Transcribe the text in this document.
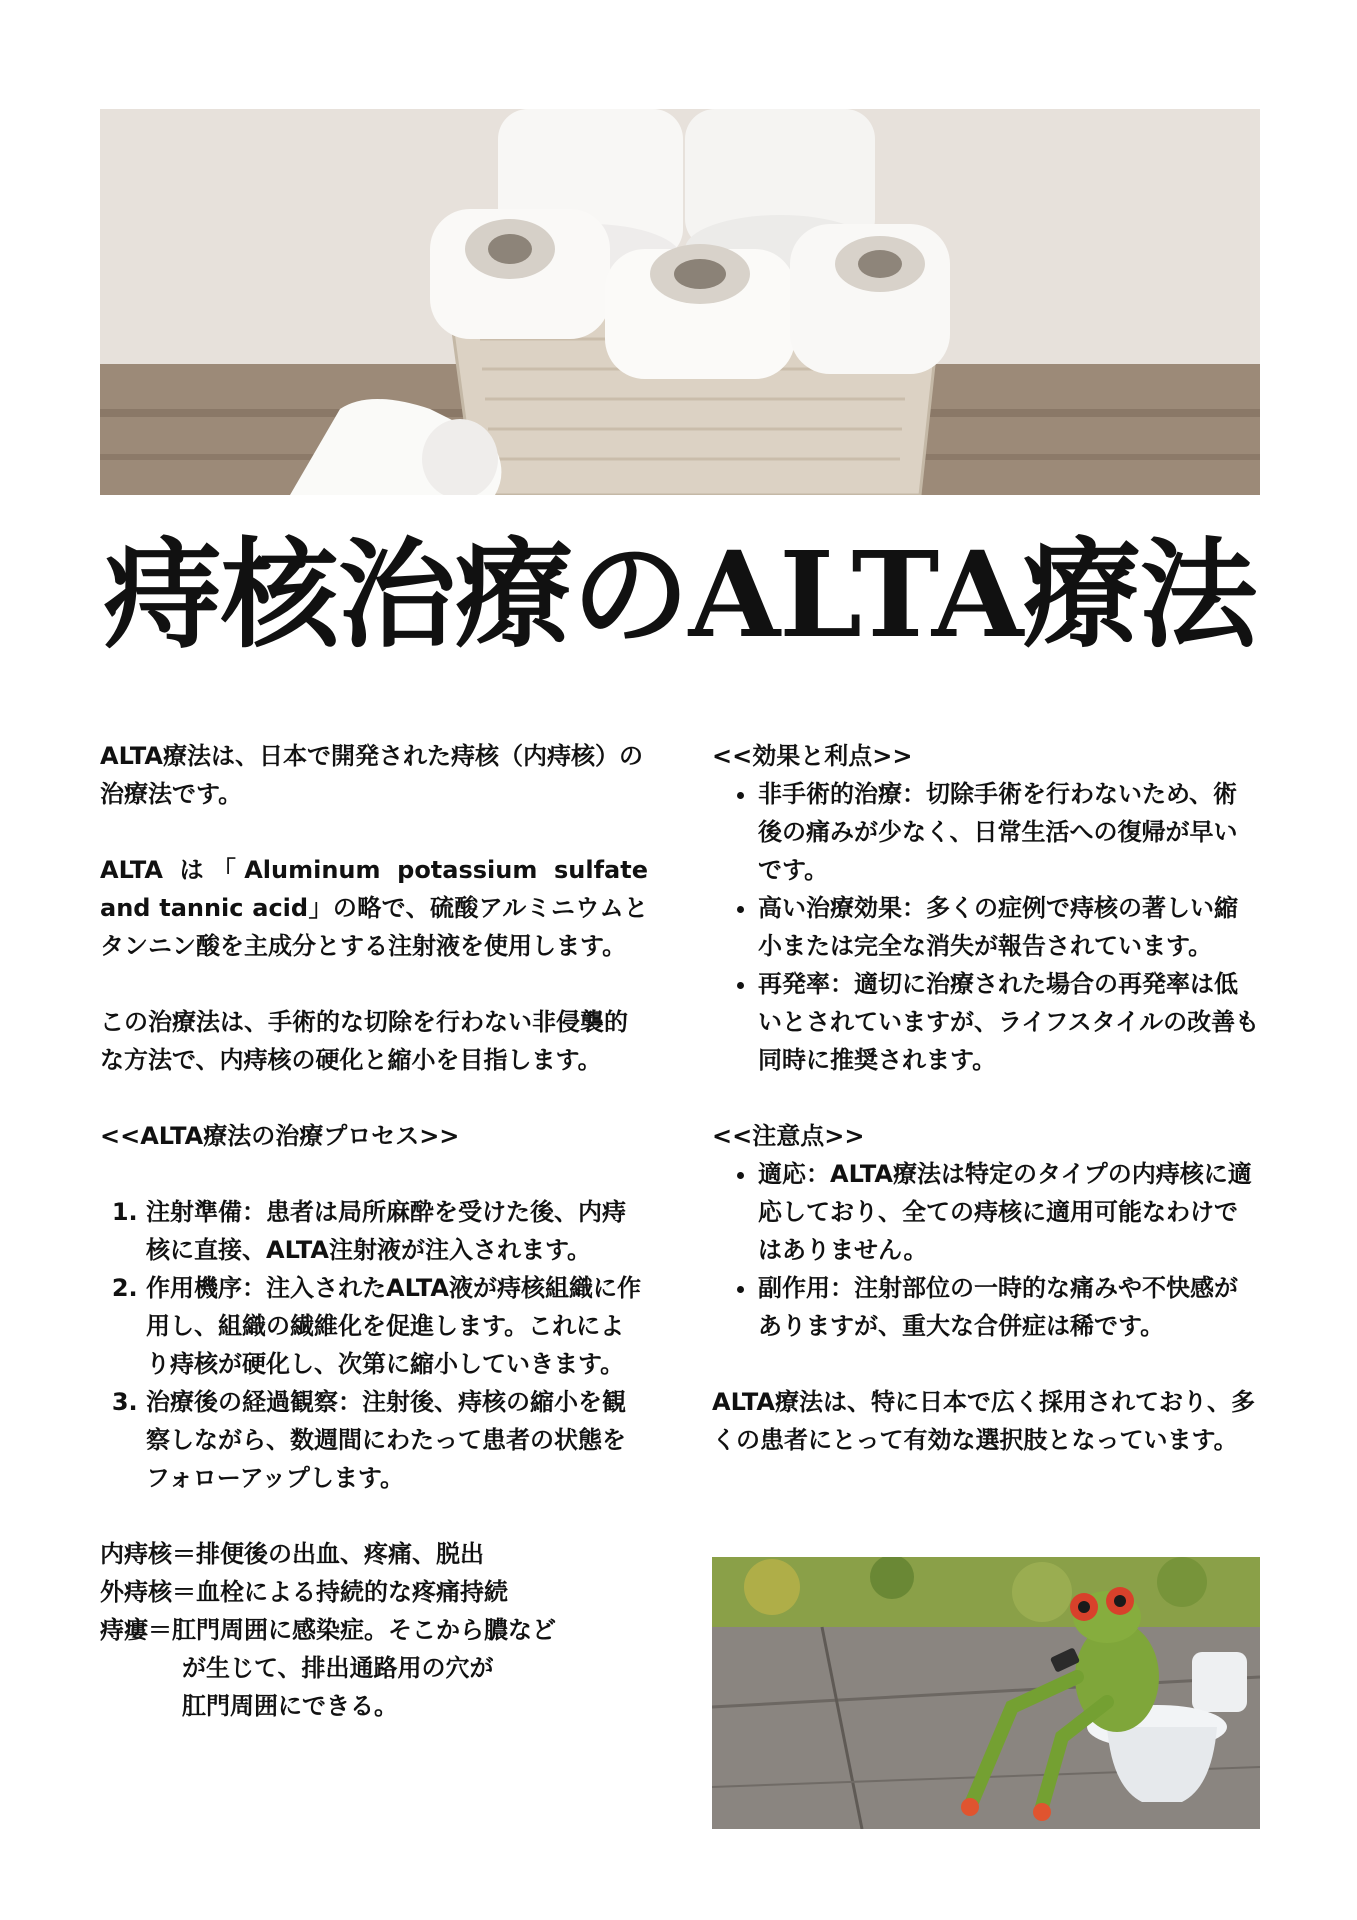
痔核治療のALTA療法

ALTA療法は、日本で開発された痔核（内痔核）の治療法です。

ALTA は「Aluminum potassium sulfate and tannic acid」の略で、硫酸アルミニウムとタンニン酸を主成分とする注射液を使用します。

この治療法は、手術的な切除を行わない非侵襲的な方法で、内痔核の硬化と縮小を目指します。

<<ALTA療法の治療プロセス>>

1. 注射準備：患者は局所麻酔を受けた後、内痔核に直接、ALTA注射液が注入されます。
2. 作用機序：注入されたALTA液が痔核組織に作用し、組織の繊維化を促進します。これにより痔核が硬化し、次第に縮小していきます。
3. 治療後の経過観察：注射後、痔核の縮小を観察しながら、数週間にわたって患者の状態をフォローアップします。

内痔核＝排便後の出血、疼痛、脱出

外痔核＝血栓による持続的な疼痛持続

痔瘻＝肛門周囲に感染症。そこから膿など

が生じて、排出通路用の穴が

肛門周囲にできる。

<<効果と利点>>

• 非手術的治療：切除手術を行わないため、術後の痛みが少なく、日常生活への復帰が早いです。
• 高い治療効果：多くの症例で痔核の著しい縮小または完全な消失が報告されています。
• 再発率：適切に治療された場合の再発率は低いとされていますが、ライフスタイルの改善も同時に推奨されます。

<<注意点>>

• 適応：ALTA療法は特定のタイプの内痔核に適応しており、全ての痔核に適用可能なわけではありません。
• 副作用：注射部位の一時的な痛みや不快感がありますが、重大な合併症は稀です。

ALTA療法は、特に日本で広く採用されており、多くの患者にとって有効な選択肢となっています。
